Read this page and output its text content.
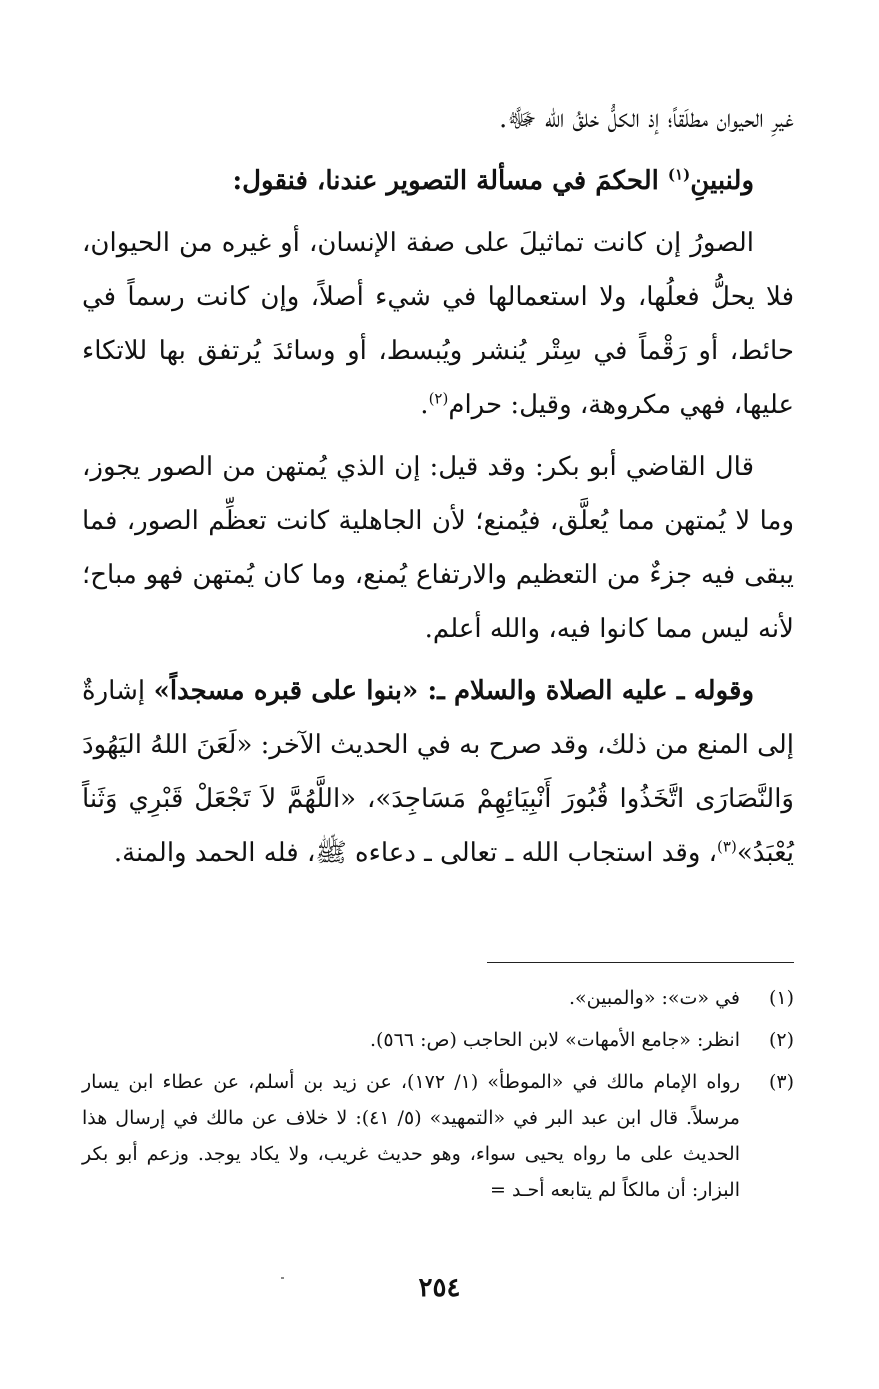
غيرِ الحيوان مطلَقاً؛ إذ الكلُّ خلقُ الله ﷻ.

ولنبينِ$^{(١)}$ الحكمَ في مسألة التصوير عندنا، فنقول:

الصورُ إن كانت تماثيلَ على صفة الإنسان، أو غيره من الحيوان، فلا يحلُّ فعلُها، ولا استعمالها في شيء أصلاً، وإن كانت رسماً في حائط، أو رَقْماً في سِتْر يُنشر ويُبسط، أو وسائدَ يُرتفق بها للاتكاء عليها، فهي مكروهة، وقيل: حرام$^{(٢)}$.

قال القاضي أبو بكر: وقد قيل: إن الذي يُمتهن من الصور يجوز، وما لا يُمتهن مما يُعلَّق، فيُمنع؛ لأن الجاهلية كانت تعظِّم الصور، فما يبقى فيه جزءٌ من التعظيم والارتفاع يُمنع، وما كان يُمتهن فهو مباح؛ لأنه ليس مما كانوا فيه، والله أعلم.

وقوله ـ عليه الصلاة والسلام ـ: «بنوا على قبره مسجداً» إشارةٌ إلى المنع من ذلك، وقد صرح به في الحديث الآخر: «لَعَنَ اللهُ اليَهُودَ وَالنَّصَارَى اتَّخَذُوا قُبُورَ أَنْبِيَائِهِمْ مَسَاجِدَ»، «اللَّهُمَّ لاَ تَجْعَلْ قَبْرِي وَثَناً يُعْبَدُ»$^{(٣)}$، وقد استجاب الله ـ تعالى ـ دعاءه ﷺ، فله الحمد والمنة.

(١)
في «ت»: «والمبين».
(٢)
انظر: «جامع الأمهات» لابن الحاجب (ص: ٥٦٦).
(٣)
رواه الإمام مالك في «الموطأ» (١/ ١٧٢)، عن زيد بن أسلم، عن عطاء ابن يسار مرسلاً. قال ابن عبد البر في «التمهيد» (٥/ ٤١): لا خلاف عن مالك في إرسال هذا الحديث على ما رواه يحيى سواء، وهو حديث غريب، ولا يكاد يوجد. وزعم أبو بكر البزار: أن مالكاً لم يتابعه أحـد =
٢٥٤
